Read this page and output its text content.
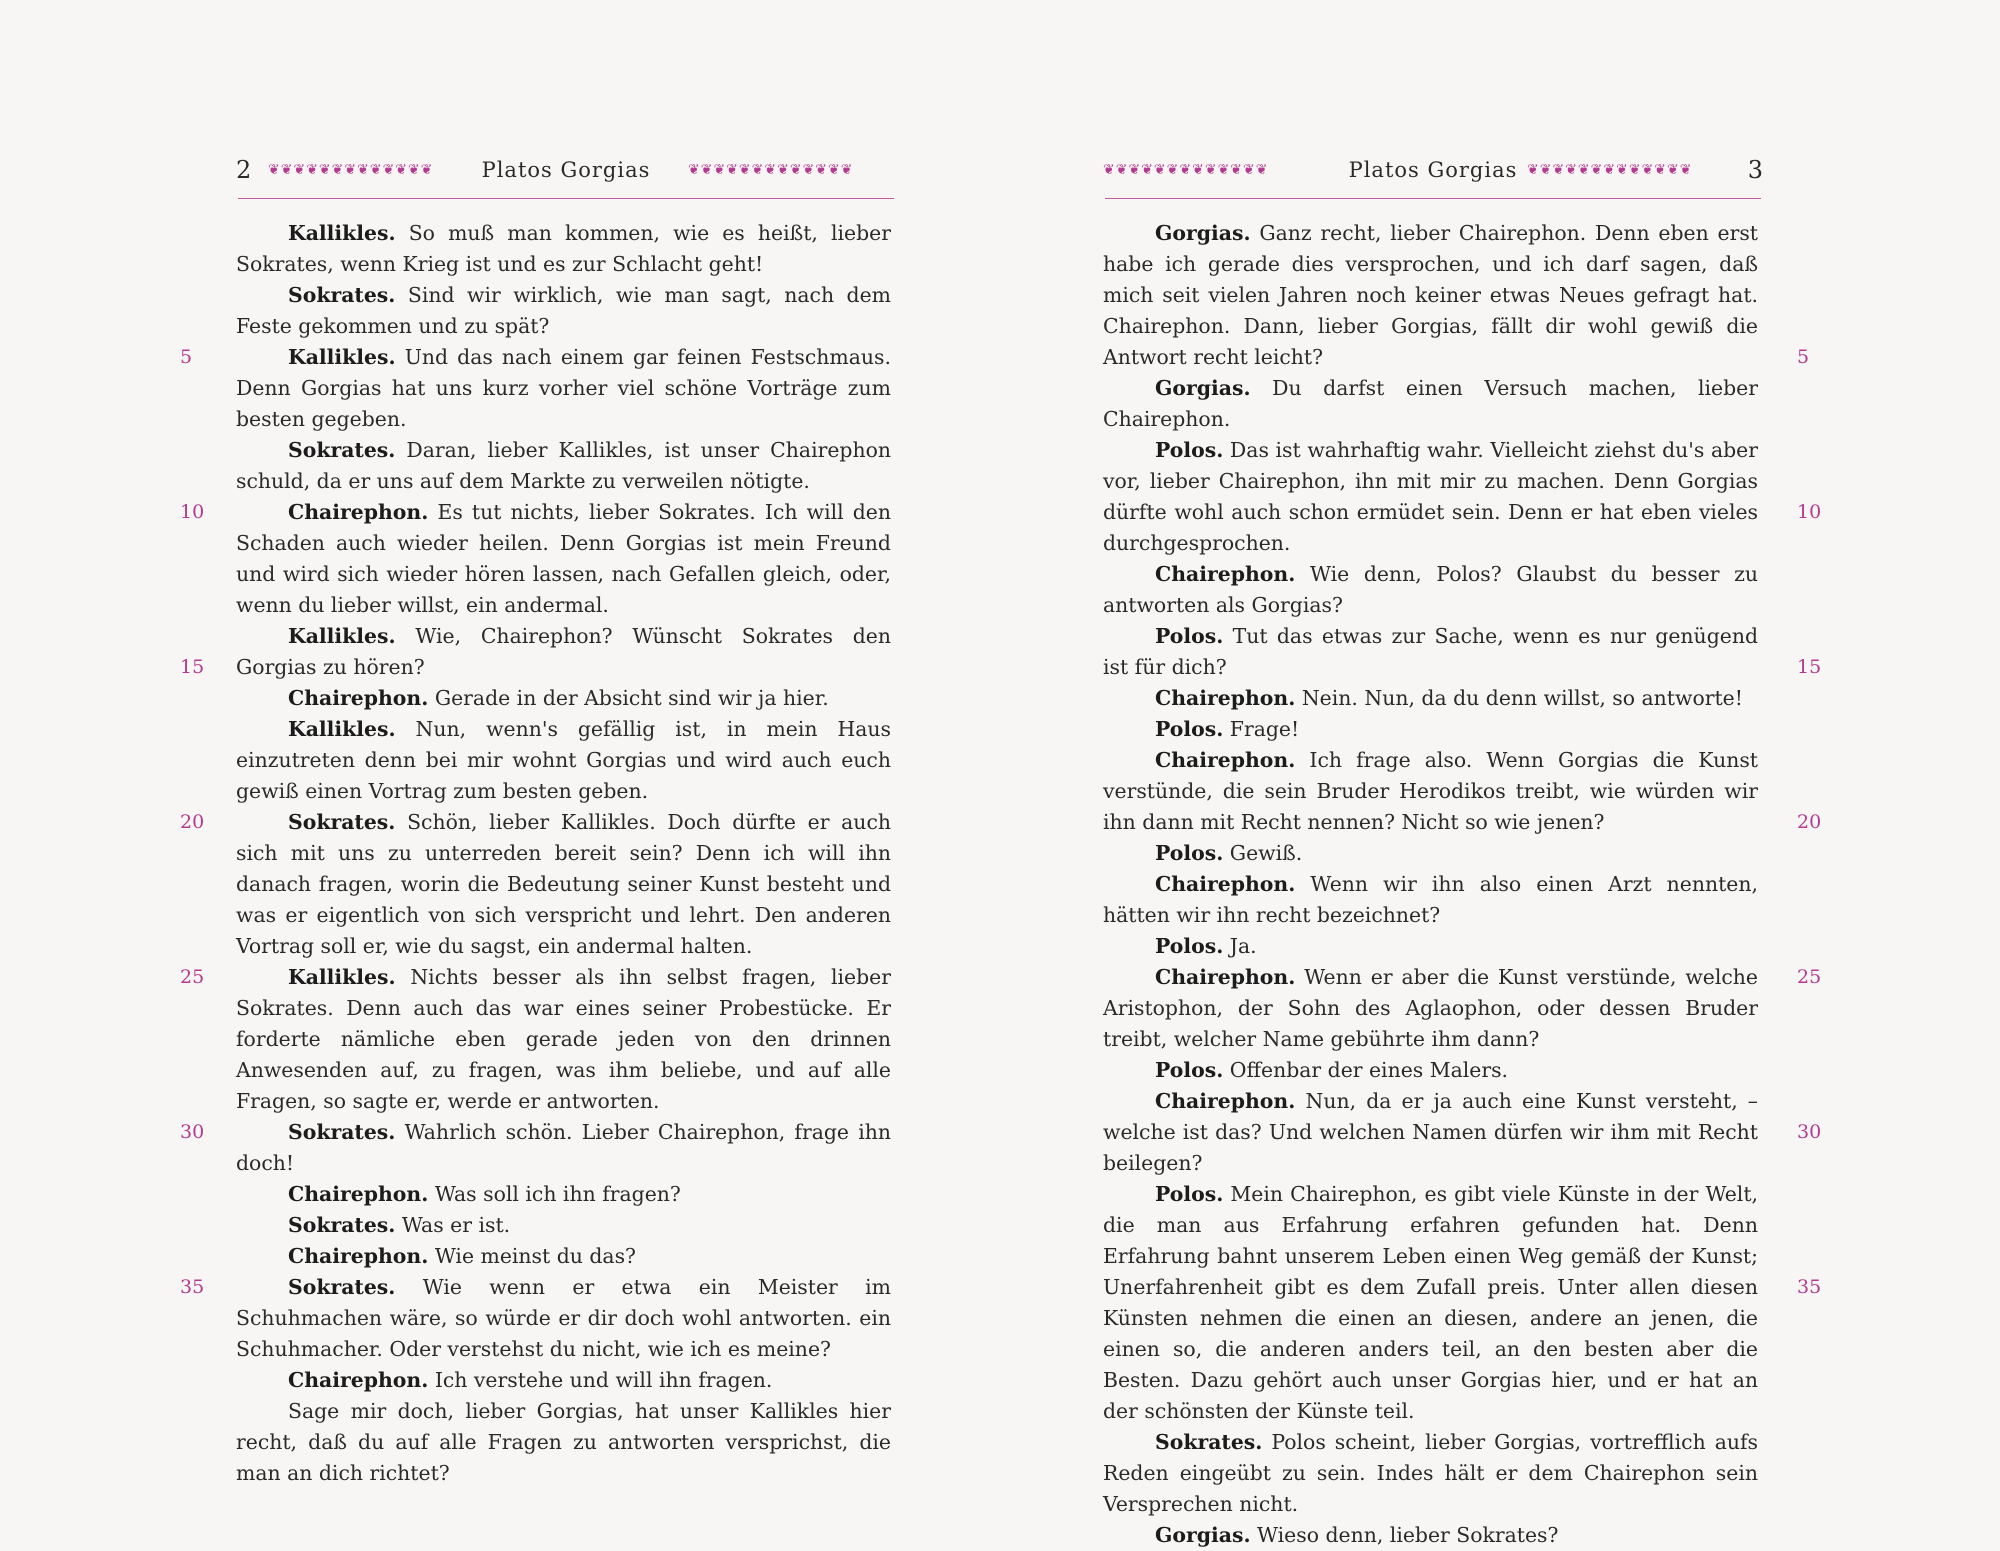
2 ❦❦❦❦❦❦❦❦❦❦❦❦❦	Platos Gorgias	❦❦❦❦❦❦❦❦❦❦❦❦❦

Kallikles. So muß man kommen, wie es heißt, lieber Sokrates, wenn Krieg ist und es zur Schlacht geht!

Sokrates. Sind wir wirklich, wie man sagt, nach dem Feste gekommen und zu spät?

Kallikles. Und das nach einem gar feinen Festschmaus. Denn Gorgias hat uns kurz vorher viel schöne Vorträge zum besten gegeben.

Sokrates. Daran, lieber Kallikles, ist unser Chairephon schuld, da er uns auf dem Markte zu verweilen nötigte.

Chairephon. Es tut nichts, lieber Sokrates. Ich will den Schaden auch wieder heilen. Denn Gorgias ist mein Freund und wird sich wieder hören lassen, nach Gefallen gleich, oder, wenn du lieber willst, ein andermal.

Kallikles. Wie, Chairephon? Wünscht Sokrates den Gorgias zu hören?

Chairephon. Gerade in der Absicht sind wir ja hier.

Kallikles. Nun, wenn's gefällig ist, in mein Haus einzutreten denn bei mir wohnt Gorgias und wird auch euch gewiß einen Vortrag zum besten geben.

Sokrates. Schön, lieber Kallikles. Doch dürfte er auch sich mit uns zu unterreden bereit sein? Denn ich will ihn danach fragen, worin die Bedeutung seiner Kunst besteht und was er eigentlich von sich verspricht und lehrt. Den anderen Vortrag soll er, wie du sagst, ein andermal halten.

Kallikles. Nichts besser als ihn selbst fragen, lieber Sokrates. Denn auch das war eines seiner Probestücke. Er forderte nämliche eben gerade jeden von den drinnen Anwesenden auf, zu fragen, was ihm beliebe, und auf alle Fragen, so sagte er, werde er antworten.

Sokrates. Wahrlich schön. Lieber Chairephon, frage ihn doch!

Chairephon. Was soll ich ihn fragen?

Sokrates. Was er ist.

Chairephon. Wie meinst du das?

Sokrates. Wie wenn er etwa ein Meister im Schuhmachen wäre, so würde er dir doch wohl antworten. ein Schuhmacher. Oder verstehst du nicht, wie ich es meine?

Chairephon. Ich verstehe und will ihn fragen.

Sage mir doch, lieber Gorgias, hat unser Kallikles hier recht, daß du auf alle Fragen zu antworten versprichst, die man an dich richtet?

❦❦❦❦❦❦❦❦❦❦❦❦❦	Platos Gorgias ❦❦❦❦❦❦❦❦❦❦❦❦❦	3

Gorgias. Ganz recht, lieber Chairephon. Denn eben erst habe ich gerade dies versprochen, und ich darf sagen, daß mich seit vielen Jahren noch keiner etwas Neues gefragt hat. Chairephon. Dann, lieber Gorgias, fällt dir wohl gewiß die Antwort recht leicht?

Gorgias. Du darfst einen Versuch machen, lieber Chairephon.

Polos. Das ist wahrhaftig wahr. Vielleicht ziehst du's aber vor, lieber Chairephon, ihn mit mir zu machen. Denn Gorgias dürfte wohl auch schon ermüdet sein. Denn er hat eben vieles durchgesprochen.

Chairephon. Wie denn, Polos? Glaubst du besser zu antworten als Gorgias?

Polos. Tut das etwas zur Sache, wenn es nur genügend ist für dich?

Chairephon. Nein. Nun, da du denn willst, so antworte!

Polos. Frage!

Chairephon. Ich frage also. Wenn Gorgias die Kunst verstünde, die sein Bruder Herodikos treibt, wie würden wir ihn dann mit Recht nennen? Nicht so wie jenen?

Polos. Gewiß.

Chairephon. Wenn wir ihn also einen Arzt nennten, hätten wir ihn recht bezeichnet?

Polos. Ja.

Chairephon. Wenn er aber die Kunst verstünde, welche Aristophon, der Sohn des Aglaophon, oder dessen Bruder treibt, welcher Name gebührte ihm dann?

Polos. Offenbar der eines Malers.

Chairephon. Nun, da er ja auch eine Kunst versteht, – welche ist das? Und welchen Namen dürfen wir ihm mit Recht beilegen?

Polos. Mein Chairephon, es gibt viele Künste in der Welt, die man aus Erfahrung erfahren gefunden hat. Denn Erfahrung bahnt unserem Leben einen Weg gemäß der Kunst; Unerfahrenheit gibt es dem Zufall preis. Unter allen diesen Künsten nehmen die einen an diesen, andere an jenen, die einen so, die anderen anders teil, an den besten aber die Besten. Dazu gehört auch unser Gorgias hier, und er hat an der schönsten der Künste teil.

Sokrates. Polos scheint, lieber Gorgias, vortrefflich aufs Reden eingeübt zu sein. Indes hält er dem Chairephon sein Versprechen nicht.

Gorgias. Wieso denn, lieber Sokrates?

5
10
15
20
25
30
35
5
10
15
20
25
30
35
